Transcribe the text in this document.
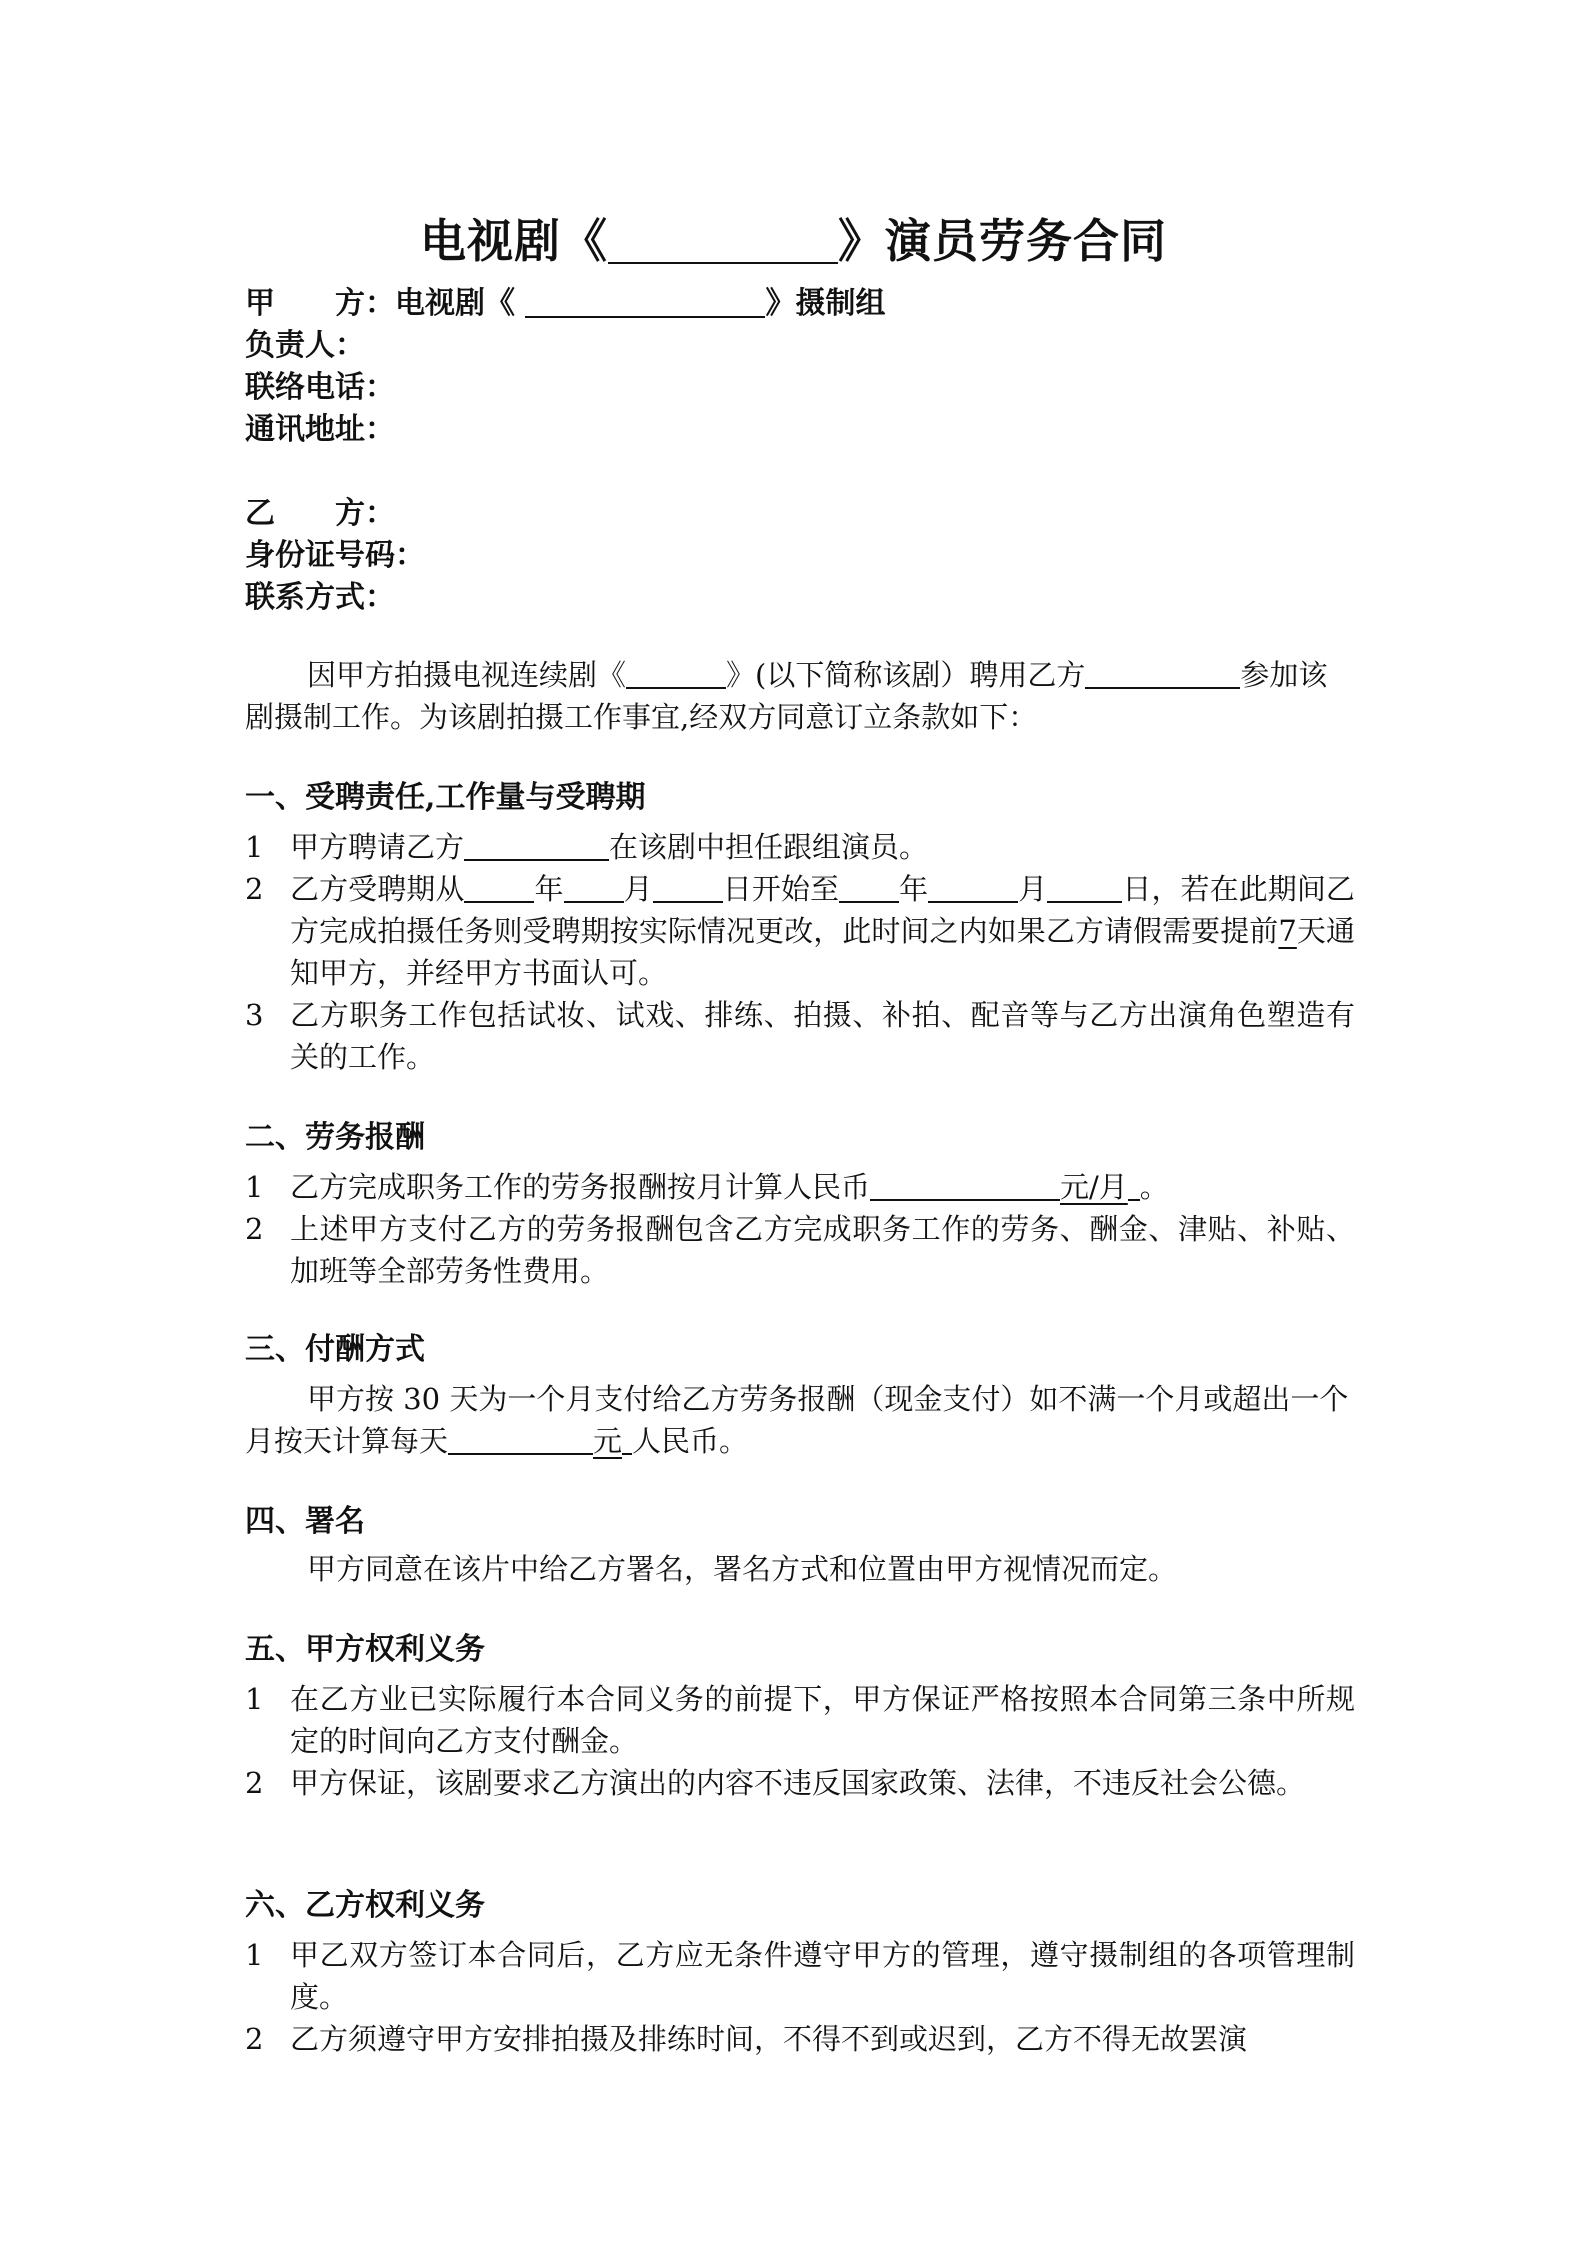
电视剧《	》演员劳务合同
甲　　方：电视剧《	》摄制组
负责人：
联络电话：
通讯地址：
乙　　方：
身份证号码：
联系方式：
因甲方拍摄电视连续剧《	》(以下简称该剧）聘用乙方	参加该剧摄制工作。为该剧拍摄工作事宜,经双方同意订立条款如下：
一、受聘责任,工作量与受聘期
1 甲方聘请乙方	在该剧中担任跟组演员。
2 乙方受聘期从 年 月 日开始至 年	月	日，若在此期间乙方完成拍摄任务则受聘期按实际情况更改，此时间之内如果乙方请假需要提前7天通知甲方，并经甲方书面认可。
3 乙方职务工作包括试妆、试戏、排练、拍摄、补拍、配音等与乙方出演角色塑造有关的工作。
二、劳务报酬
1 乙方完成职务工作的劳务报酬按月计算人民币	元/月 。
2 上述甲方支付乙方的劳务报酬包含乙方完成职务工作的劳务、酬金、津贴、补贴、加班等全部劳务性费用。
三、付酬方式
甲方按 30 天为一个月支付给乙方劳务报酬（现金支付）如不满一个月或超出一个月按天计算每天	元 人民币。
四、署名
甲方同意在该片中给乙方署名，署名方式和位置由甲方视情况而定。
五、甲方权利义务
1 在乙方业已实际履行本合同义务的前提下，甲方保证严格按照本合同第三条中所规定的时间向乙方支付酬金。
2 甲方保证，该剧要求乙方演出的内容不违反国家政策、法律，不违反社会公德。
六、乙方权利义务
1 甲乙双方签订本合同后，乙方应无条件遵守甲方的管理，遵守摄制组的各项管理制度。
2 乙方须遵守甲方安排拍摄及排练时间，不得不到或迟到，乙方不得无故罢演
